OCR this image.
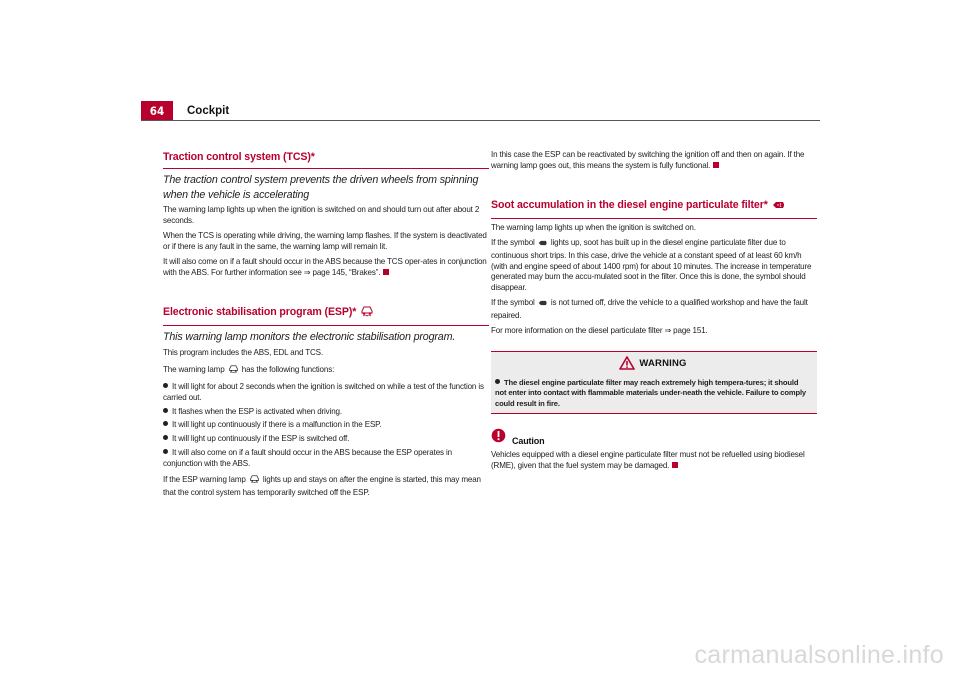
64	Cockpit
Traction control system (TCS)*

The traction control system prevents the driven wheels from spinning when the vehicle is accelerating

The warning lamp lights up when the ignition is switched on and should turn out after about 2 seconds.

When the TCS is operating while driving, the warning lamp flashes. If the system is deactivated or if there is any fault in the same, the warning lamp will remain lit.

It will also come on if a fault should occur in the ABS because the TCS oper-ates in conjunction with the ABS. For further information see ⇒ page 145, “Brakes”.

Electronic stabilisation program (ESP)*

This warning lamp monitors the electronic stabilisation program.

This program includes the ABS, EDL and TCS.

The warning lamp has the following functions:

It will light for about 2 seconds when the ignition is switched on while a test of the function is carried out.
It flashes when the ESP is activated when driving.
It will light up continuously if there is a malfunction in the ESP.
It will light up continuously if the ESP is switched off.
It will also come on if a fault should occur in the ABS because the ESP operates in conjunction with the ABS.

If the ESP warning lamp lights up and stays on after the engine is started, this may mean that the control system has temporarily switched off the ESP.

In this case the ESP can be reactivated by switching the ignition off and then on again. If the warning lamp goes out, this means the system is fully functional.

Soot accumulation in the diesel engine particulate filter*

The warning lamp lights up when the ignition is switched on.

If the symbol lights up, soot has built up in the diesel engine particulate filter due to continuous short trips. In this case, drive the vehicle at a constant speed of at least 60 km/h (with and engine speed of about 1400 rpm) for about 10 minutes. The increase in temperature generated may burn the accu-mulated soot in the filter. Once this is done, the symbol should disappear.

If the symbol is not turned off, drive the vehicle to a qualified workshop and have the fault repaired.

For more information on the diesel particulate filter ⇒ page 151.

WARNING

The diesel engine particulate filter may reach extremely high tempera-tures; it should not enter into contact with flammable materials under-neath the vehicle. Failure to comply could result in fire.

Caution

Vehicles equipped with a diesel engine particulate filter must not be refuelled using biodiesel (RME), given that the fuel system may be damaged.

carmanualsonline.info
